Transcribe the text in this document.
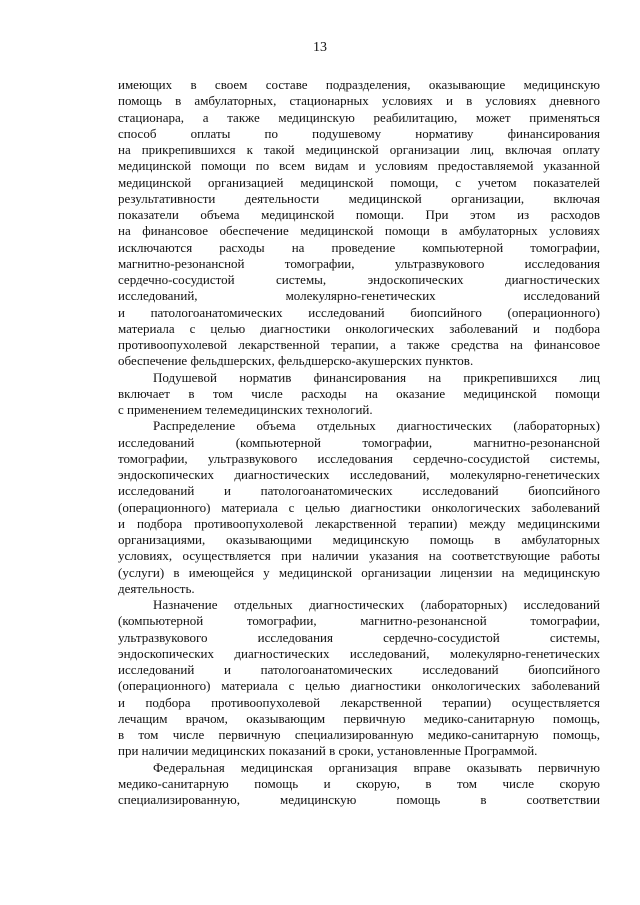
13
имеющих в своем составе подразделения, оказывающие медицинскую
помощь в амбулаторных, стационарных условиях и в условиях дневного
стационара, а также медицинскую реабилитацию, может применяться
способ оплаты по подушевому нормативу финансирования
на прикрепившихся к такой медицинской организации лиц, включая оплату
медицинской помощи по всем видам и условиям предоставляемой указанной
медицинской организацией медицинской помощи, с учетом показателей
результативности деятельности медицинской организации, включая
показатели объема медицинской помощи. При этом из расходов
на финансовое обеспечение медицинской помощи в амбулаторных условиях
исключаются расходы на проведение компьютерной томографии,
магнитно-резонансной томографии, ультразвукового исследования
сердечно-сосудистой системы, эндоскопических диагностических
исследований, молекулярно-генетических исследований
и патологоанатомических исследований биопсийного (операционного)
материала с целью диагностики онкологических заболеваний и подбора
противоопухолевой лекарственной терапии, а также средства на финансовое
обеспечение фельдшерских, фельдшерско-акушерских пунктов.
Подушевой норматив финансирования на прикрепившихся лиц
включает в том числе расходы на оказание медицинской помощи
с применением телемедицинских технологий.
Распределение объема отдельных диагностических (лабораторных)
исследований (компьютерной томографии, магнитно-резонансной
томографии, ультразвукового исследования сердечно-сосудистой системы,
эндоскопических диагностических исследований, молекулярно-генетических
исследований и патологоанатомических исследований биопсийного
(операционного) материала с целью диагностики онкологических заболеваний
и подбора противоопухолевой лекарственной терапии) между медицинскими
организациями, оказывающими медицинскую помощь в амбулаторных
условиях, осуществляется при наличии указания на соответствующие работы
(услуги) в имеющейся у медицинской организации лицензии на медицинскую
деятельность.
Назначение отдельных диагностических (лабораторных) исследований
(компьютерной томографии, магнитно-резонансной томографии,
ультразвукового исследования сердечно-сосудистой системы,
эндоскопических диагностических исследований, молекулярно-генетических
исследований и патологоанатомических исследований биопсийного
(операционного) материала с целью диагностики онкологических заболеваний
и подбора противоопухолевой лекарственной терапии) осуществляется
лечащим врачом, оказывающим первичную медико-санитарную помощь,
в том числе первичную специализированную медико-санитарную помощь,
при наличии медицинских показаний в сроки, установленные Программой.
Федеральная медицинская организация вправе оказывать первичную
медико-санитарную помощь и скорую, в том числе скорую
специализированную, медицинскую помощь в соответствии
